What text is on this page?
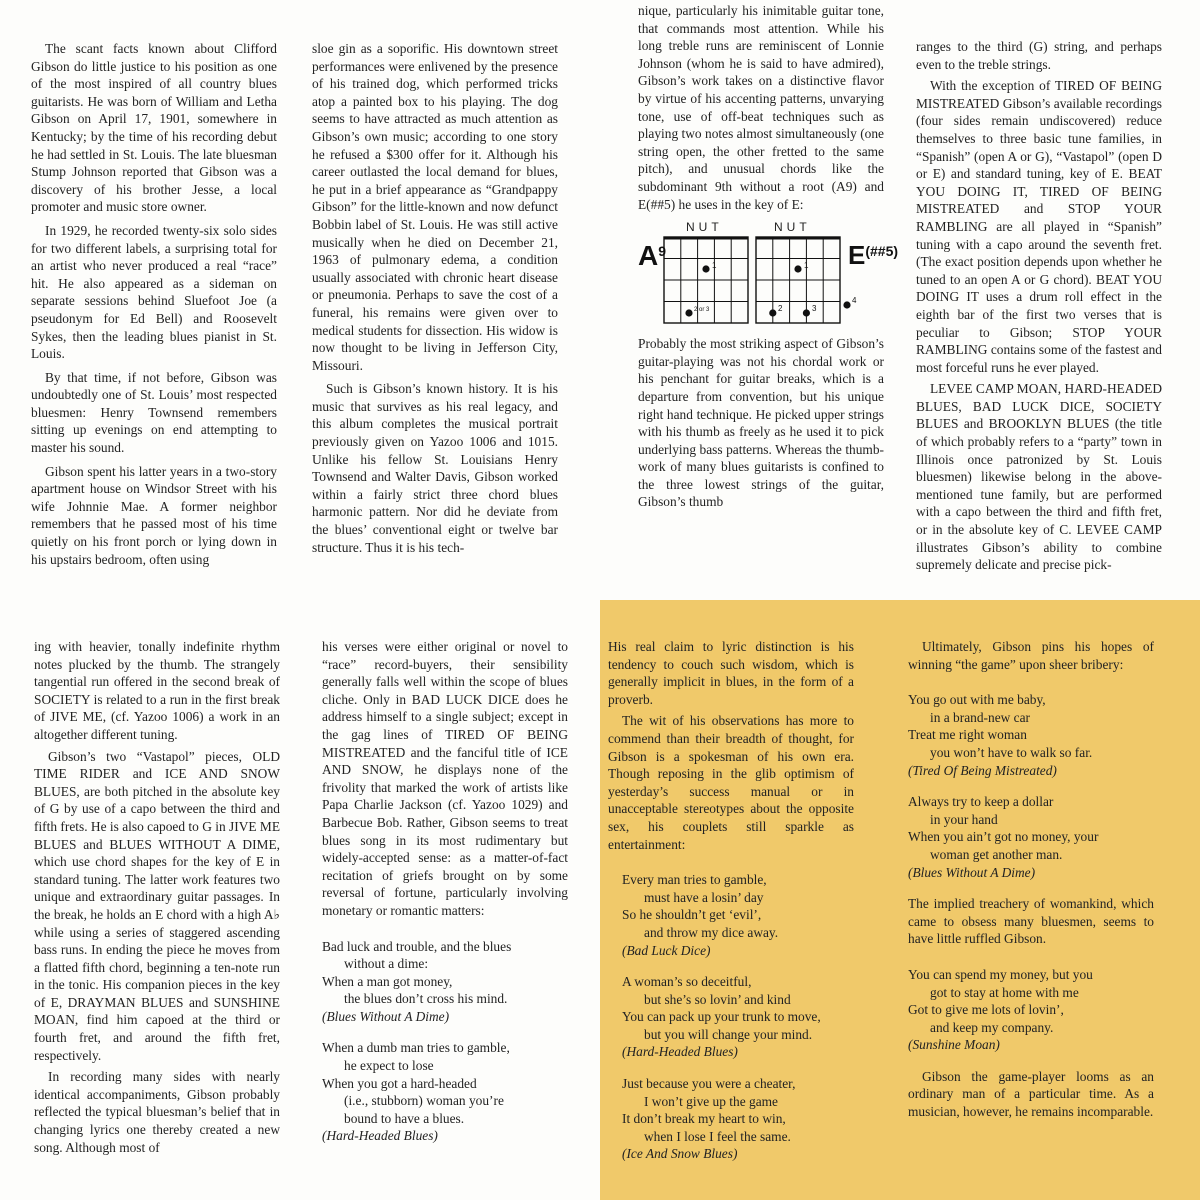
The scant facts known about Clifford Gibson do little justice to his position as one of the most inspired of all country blues guitarists. He was born of William and Letha Gibson on April 17, 1901, somewhere in Kentucky; by the time of his recording debut he had settled in St. Louis. The late bluesman Stump Johnson reported that Gibson was a discovery of his brother Jesse, a local promoter and music store owner.

In 1929, he recorded twenty-six solo sides for two different labels, a surprising total for an artist who never produced a real “race” hit. He also appeared as a sideman on separate sessions behind Sluefoot Joe (a pseudonym for Ed Bell) and Roosevelt Sykes, then the leading blues pianist in St. Louis.

By that time, if not before, Gibson was undoubtedly one of St. Louis’ most respected bluesmen: Henry Townsend remembers sitting up evenings on end attempting to master his sound.

Gibson spent his latter years in a two-story apartment house on Windsor Street with his wife Johnnie Mae. A former neighbor remembers that he passed most of his time quietly on his front porch or lying down in his upstairs bedroom, often using

sloe gin as a soporific. His downtown street performances were enlivened by the presence of his trained dog, which performed tricks atop a painted box to his playing. The dog seems to have attracted as much attention as Gibson’s own music; according to one story he refused a $300 offer for it. Although his career outlasted the local demand for blues, he put in a brief appearance as “Grandpappy Gibson” for the little-known and now defunct Bobbin label of St. Louis. He was still active musically when he died on December 21, 1963 of pulmonary edema, a condition usually associated with chronic heart disease or pneumonia. Perhaps to save the cost of a funeral, his remains were given over to medical students for dissection. His widow is now thought to be living in Jefferson City, Missouri.

Such is Gibson’s known history. It is his music that survives as his real legacy, and this album completes the musical portrait previously given on Yazoo 1006 and 1015. Unlike his fellow St. Louisians Henry Townsend and Walter Davis, Gibson worked within a fairly strict three chord blues harmonic pattern. Nor did he deviate from the blues’ conventional eight or twelve bar structure. Thus it is his tech-

nique, particularly his inimitable guitar tone, that commands most attention. While his long treble runs are reminiscent of Lonnie Johnson (whom he is said to have admired), Gibson’s work takes on a distinctive flavor by virtue of his accenting patterns, unvarying tone, use of off-beat techniques such as playing two notes almost simultaneously (one string open, the other fretted to the same pitch), and unusual chords like the subdominant 9th without a root (A9) and E(##5) he uses in the key of E:

NUT	NUT
$A^9$	$E^{(\#\#5)}$
1
2 or 3
1
2	3
4

Probably the most striking aspect of Gibson’s guitar-playing was not his chordal work or his penchant for guitar breaks, which is a departure from convention, but his unique right hand technique. He picked upper strings with his thumb as freely as he used it to pick underlying bass patterns. Whereas the thumb-work of many blues guitarists is confined to the three lowest strings of the guitar, Gibson’s thumb

ranges to the third (G) string, and perhaps even to the treble strings.

With the exception of TIRED OF BEING MISTREATED Gibson’s available recordings (four sides remain undiscovered) reduce themselves to three basic tune families, in “Spanish” (open A or G), “Vastapol” (open D or E) and standard tuning, key of E. BEAT YOU DOING IT, TIRED OF BEING MISTREATED and STOP YOUR RAMBLING are all played in “Spanish” tuning with a capo around the seventh fret. (The exact position depends upon whether he tuned to an open A or G chord). BEAT YOU DOING IT uses a drum roll effect in the eighth bar of the first two verses that is peculiar to Gibson; STOP YOUR RAMBLING contains some of the fastest and most forceful runs he ever played.

LEVEE CAMP MOAN, HARD-HEADED BLUES, BAD LUCK DICE, SOCIETY BLUES and BROOKLYN BLUES (the title of which probably refers to a “party” town in Illinois once patronized by St. Louis bluesmen) likewise belong in the above-mentioned tune family, but are performed with a capo between the third and fifth fret, or in the absolute key of C. LEVEE CAMP illustrates Gibson’s ability to combine supremely delicate and precise pick-

ing with heavier, tonally indefinite rhythm notes plucked by the thumb. The strangely tangential run offered in the second break of SOCIETY is related to a run in the first break of JIVE ME, (cf. Yazoo 1006) a work in an altogether different tuning.

Gibson’s two “Vastapol” pieces, OLD TIME RIDER and ICE AND SNOW BLUES, are both pitched in the absolute key of G by use of a capo between the third and fifth frets. He is also capoed to G in JIVE ME BLUES and BLUES WITHOUT A DIME, which use chord shapes for the key of E in standard tuning. The latter work features two unique and extraordinary guitar passages. In the break, he holds an E chord with a high A♭ while using a series of staggered ascending bass runs. In ending the piece he moves from a flatted fifth chord, beginning a ten-note run in the tonic. His companion pieces in the key of E, DRAYMAN BLUES and SUNSHINE MOAN, find him capoed at the third or fourth fret, and around the fifth fret, respectively.

In recording many sides with nearly identical accompaniments, Gibson probably reflected the typical bluesman’s belief that in changing lyrics one thereby created a new song. Although most of

his verses were either original or novel to “race” record-buyers, their sensibility generally falls well within the scope of blues cliche. Only in BAD LUCK DICE does he address himself to a single subject; except in the gag lines of TIRED OF BEING MISTREATED and the fanciful title of ICE AND SNOW, he displays none of the frivolity that marked the work of artists like Papa Charlie Jackson (cf. Yazoo 1029) and Barbecue Bob. Rather, Gibson seems to treat blues song in its most rudimentary but widely-accepted sense: as a matter-of-fact recitation of griefs brought on by some reversal of fortune, particularly involving monetary or romantic matters:

Bad luck and trouble, and the blues
without a dime:
When a man got money,
the blues don’t cross his mind.
(Blues Without A Dime)
When a dumb man tries to gamble,
he expect to lose
When you got a hard-headed
(i.e., stubborn) woman you’re
bound to have a blues.
(Hard-Headed Blues)

His real claim to lyric distinction is his tendency to couch such wisdom, which is generally implicit in blues, in the form of a proverb.

The wit of his observations has more to commend than their breadth of thought, for Gibson is a spokesman of his own era. Though reposing in the glib optimism of yesterday’s success manual or in unacceptable stereotypes about the opposite sex, his couplets still sparkle as entertainment:

Every man tries to gamble,
must have a losin’ day
So he shouldn’t get ‘evil’,
and throw my dice away.
(Bad Luck Dice)
A woman’s so deceitful,
but she’s so lovin’ and kind
You can pack up your trunk to move,
but you will change your mind.
(Hard-Headed Blues)
Just because you were a cheater,
I won’t give up the game
It don’t break my heart to win,
when I lose I feel the same.
(Ice And Snow Blues)

Ultimately, Gibson pins his hopes of winning “the game” upon sheer bribery:

You go out with me baby,
in a brand-new car
Treat me right woman
you won’t have to walk so far.
(Tired Of Being Mistreated)
Always try to keep a dollar
in your hand
When you ain’t got no money, your
woman get another man.
(Blues Without A Dime)

The implied treachery of womankind, which came to obsess many bluesmen, seems to have little ruffled Gibson.

You can spend my money, but you
got to stay at home with me
Got to give me lots of lovin’,
and keep my company.
(Sunshine Moan)

Gibson the game-player looms as an ordinary man of a particular time. As a musician, however, he remains incomparable.
